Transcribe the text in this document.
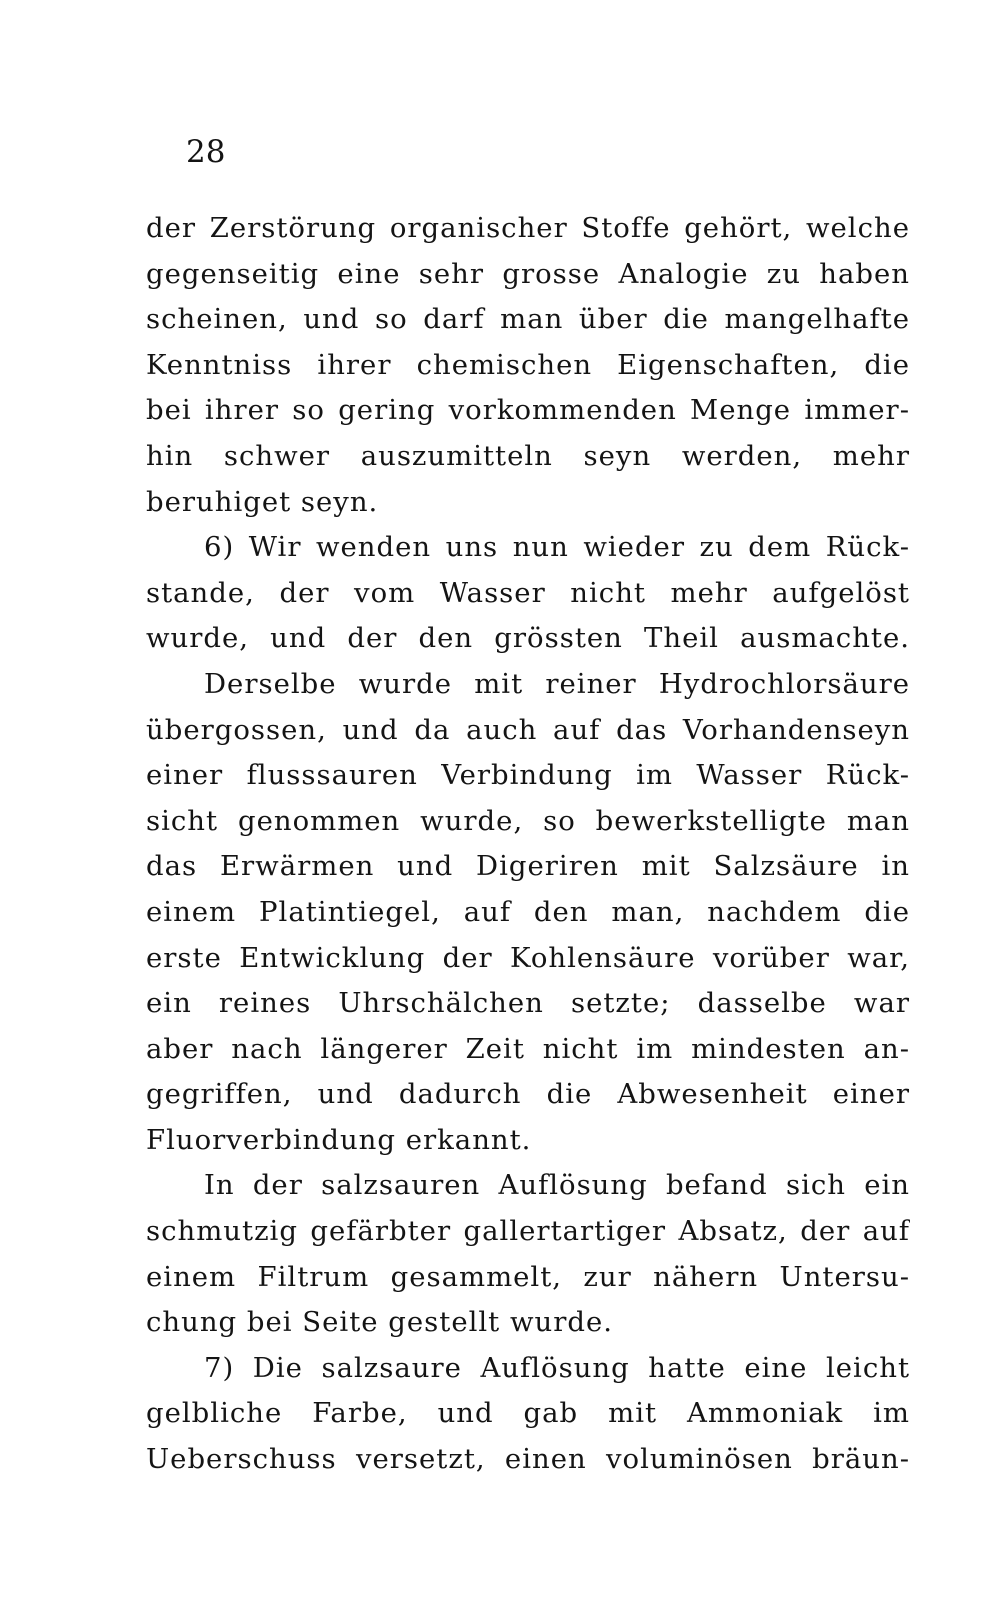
28
der Zerstörung organischer Stoffe gehört, welche
gegenseitig eine sehr grosse Analogie zu haben
scheinen, und so darf man über die mangelhafte
Kenntniss ihrer chemischen Eigenschaften, die
bei ihrer so gering vorkommenden Menge immer-
hin schwer auszumitteln seyn werden, mehr
beruhiget seyn.
6) Wir wenden uns nun wieder zu dem Rück-
stande, der vom Wasser nicht mehr aufgelöst
wurde, und der den grössten Theil ausmachte.
Derselbe wurde mit reiner Hydrochlorsäure
übergossen, und da auch auf das Vorhandenseyn
einer flusssauren Verbindung im Wasser Rück-
sicht genommen wurde, so bewerkstelligte man
das Erwärmen und Digeriren mit Salzsäure in
einem Platintiegel, auf den man, nachdem die
erste Entwicklung der Kohlensäure vorüber war,
ein reines Uhrschälchen setzte; dasselbe war
aber nach längerer Zeit nicht im mindesten an-
gegriffen, und dadurch die Abwesenheit einer
Fluorverbindung erkannt.
In der salzsauren Auflösung befand sich ein
schmutzig gefärbter gallertartiger Absatz, der auf
einem Filtrum gesammelt, zur nähern Untersu-
chung bei Seite gestellt wurde.
7) Die salzsaure Auflösung hatte eine leicht
gelbliche Farbe, und gab mit Ammoniak im
Ueberschuss versetzt, einen voluminösen bräun-
